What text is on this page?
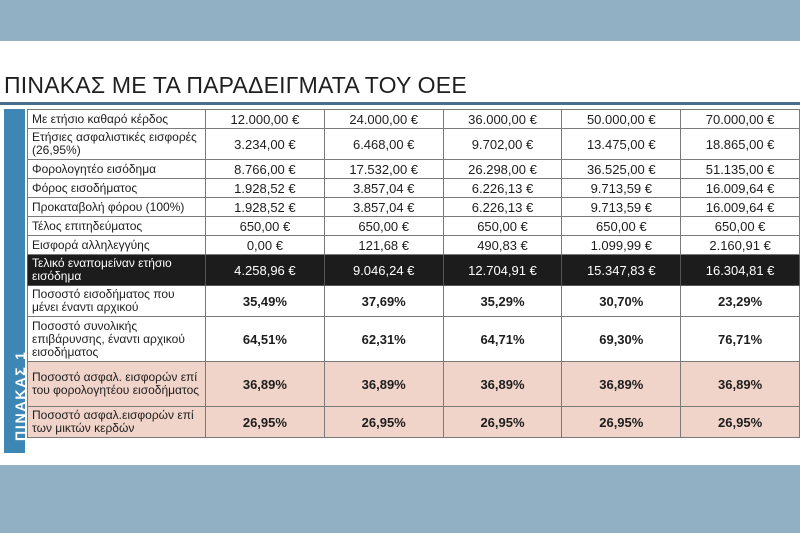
ΠΙΝΑΚΑΣ ΜΕ ΤΑ ΠΑΡΑΔΕΙΓΜΑΤΑ ΤΟΥ ΟΕΕ
ΠΙΝΑΚΑΣ 1
Με ετήσιο καθαρό κέρδος	12.000,00 €	24.000,00 €	36.000,00 €	50.000,00 €	70.000,00 €
Ετήσιες ασφαλιστικές εισφορές (26,95%)	3.234,00 €	6.468,00 €	9.702,00 €	13.475,00 €	18.865,00 €
Φορολογητέο εισόδημα	8.766,00 €	17.532,00 €	26.298,00 €	36.525,00 €	51.135,00 €
Φόρος εισοδήματος	1.928,52 €	3.857,04 €	6.226,13 €	9.713,59 €	16.009,64 €
Προκαταβολή φόρου (100%)	1.928,52 €	3.857,04 €	6.226,13 €	9.713,59 €	16.009,64 €
Τέλος επιτηδεύματος	650,00 €	650,00 €	650,00 €	650,00 €	650,00 €
Εισφορά αλληλεγγύης	0,00 €	121,68 €	490,83 €	1.099,99 €	2.160,91 €
Τελικό εναπομείναν ετήσιο εισόδημα	4.258,96 €	9.046,24 €	12.704,91 €	15.347,83 €	16.304,81 €
Ποσοστό εισοδήματος που μένει έναντι αρχικού	35,49%	37,69%	35,29%	30,70%	23,29%
Ποσοστό συνολικής επιβάρυνσης, έναντι αρχικού εισοδήματος	64,51%	62,31%	64,71%	69,30%	76,71%
Ποσοστό ασφαλ. εισφορών επί του φορολογητέου εισοδήματος	36,89%	36,89%	36,89%	36,89%	36,89%
Ποσοστό ασφαλ.εισφορών επί των μικτών κερδών	26,95%	26,95%	26,95%	26,95%	26,95%
